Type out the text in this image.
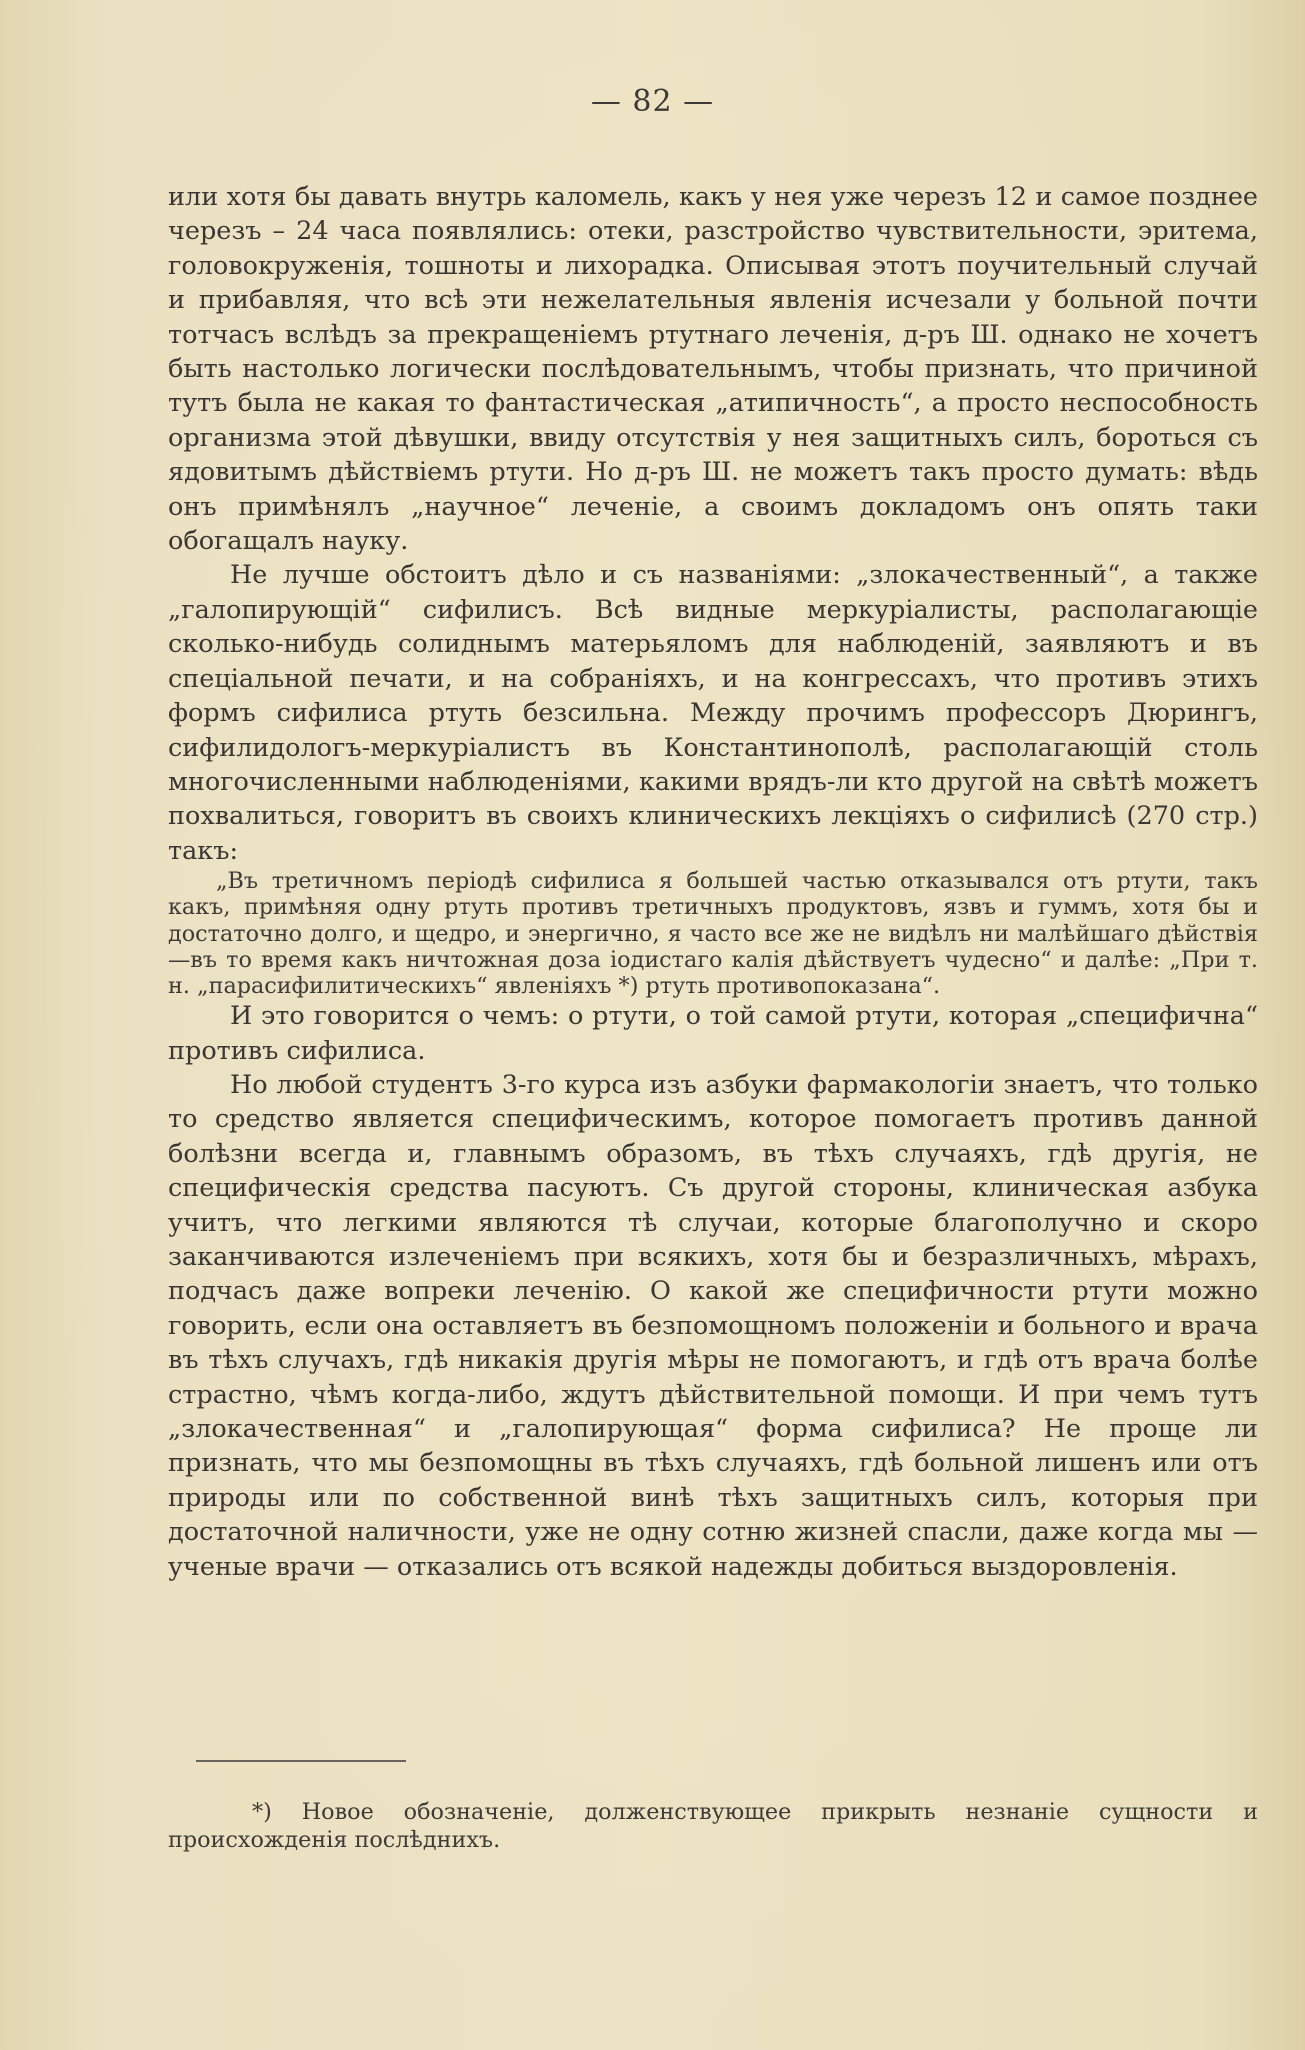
— 82 —

или хотя бы давать внутрь каломель, какъ у нея уже черезъ 12 и самое позднее черезъ – 24 часа появлялись: отеки, разстройство чувствительности, эритема, головокруженія, тошноты и лихорадка. Описывая этотъ поучительный случай и прибавляя, что всѣ эти нежелательныя явленія исчезали у больной почти тотчасъ вслѣдъ за прекращеніемъ ртутнаго леченія, д-ръ Ш. однако не хочетъ быть настолько логически послѣдовательнымъ, чтобы признать, что причиной тутъ была не какая то фантастическая „атипичность“, а просто неспособность организма этой дѣвушки, ввиду отсутствія у нея защитныхъ силъ, бороться съ ядовитымъ дѣйствіемъ ртути. Но д-ръ Ш. не можетъ такъ просто думать: вѣдь онъ примѣнялъ „научное“ леченіе, а своимъ докладомъ онъ опять таки обогащалъ науку.

Не лучше обстоитъ дѣло и съ названіями: „злокачественный“, а также „галопирующій“ сифилисъ. Всѣ видные меркуріалисты, располагающіе сколько-нибудь солиднымъ матерьяломъ для наблюденій, заявляютъ и въ спеціальной печати, и на собраніяхъ, и на конгрессахъ, что противъ этихъ формъ сифилиса ртуть безсильна. Между прочимъ профессоръ Дюрингъ, сифилидологъ-меркуріалистъ въ Константинополѣ, располагающій столь многочисленными наблюденіями, какими врядъ-ли кто другой на свѣтѣ можетъ похвалиться, говоритъ въ своихъ клиническихъ лекціяхъ о сифилисѣ (270 стр.) такъ:

„Въ третичномъ періодѣ сифилиса я большей частью отказывался отъ ртути, такъ какъ, примѣняя одну ртуть противъ третичныхъ продуктовъ, язвъ и гуммъ, хотя бы и достаточно долго, и щедро, и энергично, я часто все же не видѣлъ ни малѣйшаго дѣйствія—въ то время какъ ничтожная доза іодистаго калія дѣйствуетъ чудесно“ и далѣе: „При т. н. „парасифилитическихъ“ явленіяхъ *) ртуть противопоказана“.

И это говорится о чемъ: о ртути, о той самой ртути, которая „специфична“ противъ сифилиса.

Но любой студентъ 3-го курса изъ азбуки фармакологіи знаетъ, что только то средство является специфическимъ, которое помогаетъ противъ данной болѣзни всегда и, главнымъ образомъ, въ тѣхъ случаяхъ, гдѣ другія, не специфическія средства пасуютъ. Съ другой стороны, клиническая азбука учитъ, что легкими являются тѣ случаи, которые благополучно и скоро заканчиваются излеченіемъ при всякихъ, хотя бы и безразличныхъ, мѣрахъ, подчасъ даже вопреки леченію. О какой же специфичности ртути можно говорить, если она оставляетъ въ безпомощномъ положеніи и больного и врача въ тѣхъ случахъ, гдѣ никакія другія мѣры не помогаютъ, и гдѣ отъ врача болѣе страстно, чѣмъ когда-либо, ждутъ дѣйствительной помощи. И при чемъ тутъ „злокачественная“ и „галопирующая“ форма сифилиса? Не проще ли признать, что мы безпомощны въ тѣхъ случаяхъ, гдѣ больной лишенъ или отъ природы или по собственной винѣ тѣхъ защитныхъ силъ, которыя при достаточной наличности, уже не одну сотню жизней спасли, даже когда мы — ученые врачи — отказались отъ всякой надежды добиться выздоровленія.

*) Новое обозначеніе, долженствующее прикрыть незнаніе сущности и происхожденія послѣднихъ.
